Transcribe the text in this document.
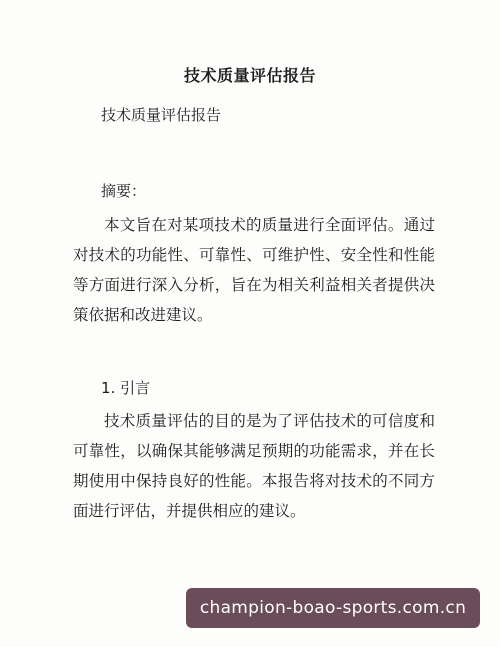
技术质量评估报告
技术质量评估报告
摘要：
本文旨在对某项技术的质量进行全面评估。通过对技术的功能性、可靠性、可维护性、安全性和性能等方面进行深入分析，旨在为相关利益相关者提供决策依据和改进建议。
1. 引言
技术质量评估的目的是为了评估技术的可信度和可靠性，以确保其能够满足预期的功能需求，并在长期使用中保持良好的性能。本报告将对技术的不同方面进行评估，并提供相应的建议。
champion-boao-sports.com.cn
